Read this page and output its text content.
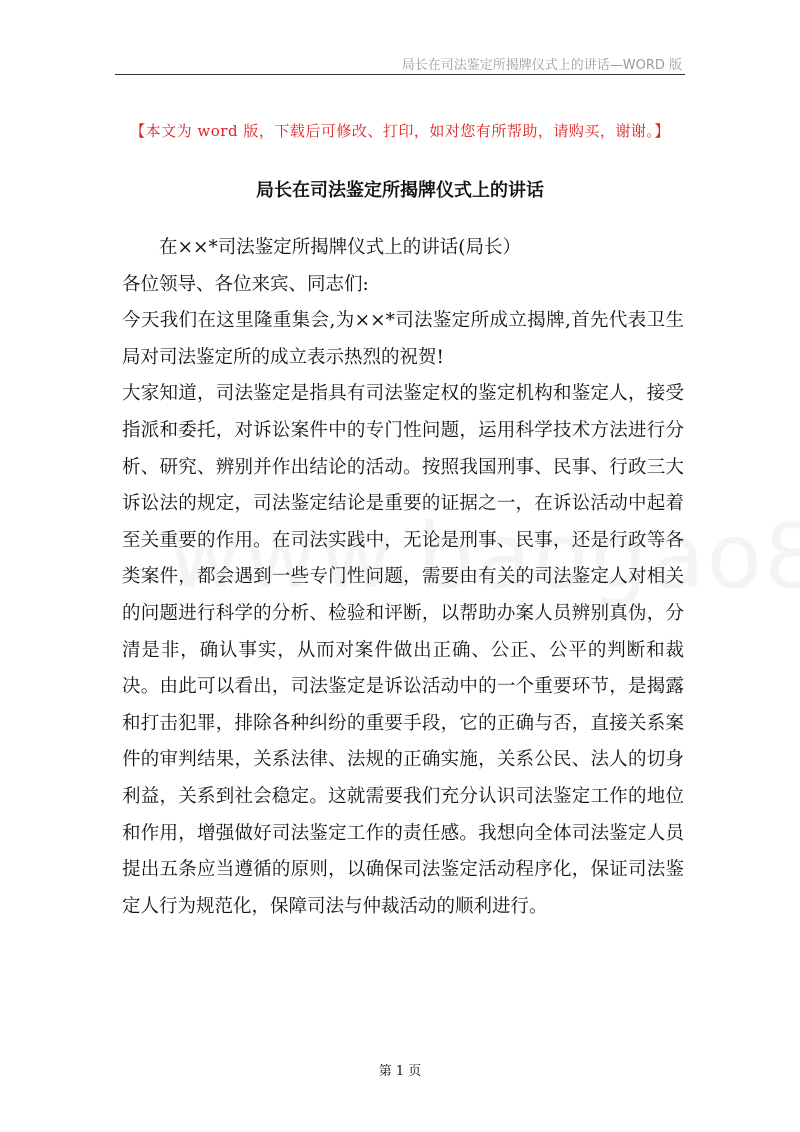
局长在司法鉴定所揭牌仪式上的讲话—WORD 版
【本文为 word 版，下载后可修改、打印，如对您有所帮助，请购买，谢谢。】
局长在司法鉴定所揭牌仪式上的讲话

在××*司法鉴定所揭牌仪式上的讲话(局长）

各位领导、各位来宾、同志们:

今天我们在这里隆重集会,为××*司法鉴定所成立揭牌,首先代表卫生局对司法鉴定所的成立表示热烈的祝贺!

大家知道，司法鉴定是指具有司法鉴定权的鉴定机构和鉴定人，接受指派和委托，对诉讼案件中的专门性问题，运用科学技术方法进行分析、研究、辨别并作出结论的活动。按照我国刑事、民事、行政三大诉讼法的规定，司法鉴定结论是重要的证据之一，在诉讼活动中起着至关重要的作用。在司法实践中，无论是刑事、民事，还是行政等各类案件，都会遇到一些专门性问题，需要由有关的司法鉴定人对相关的问题进行科学的分析、检验和评断，以帮助办案人员辨别真伪，分清是非，确认事实，从而对案件做出正确、公正、公平的判断和裁决。由此可以看出，司法鉴定是诉讼活动中的一个重要环节，是揭露和打击犯罪，排除各种纠纷的重要手段，它的正确与否，直接关系案件的审判结果，关系法律、法规的正确实施，关系公民、法人的切身利益，关系到社会稳定。这就需要我们充分认识司法鉴定工作的地位和作用，增强做好司法鉴定工作的责任感。我想向全体司法鉴定人员提出五条应当遵循的原则，以确保司法鉴定活动程序化，保证司法鉴定人行为规范化，保障司法与仲裁活动的顺利进行。

第 1 页
